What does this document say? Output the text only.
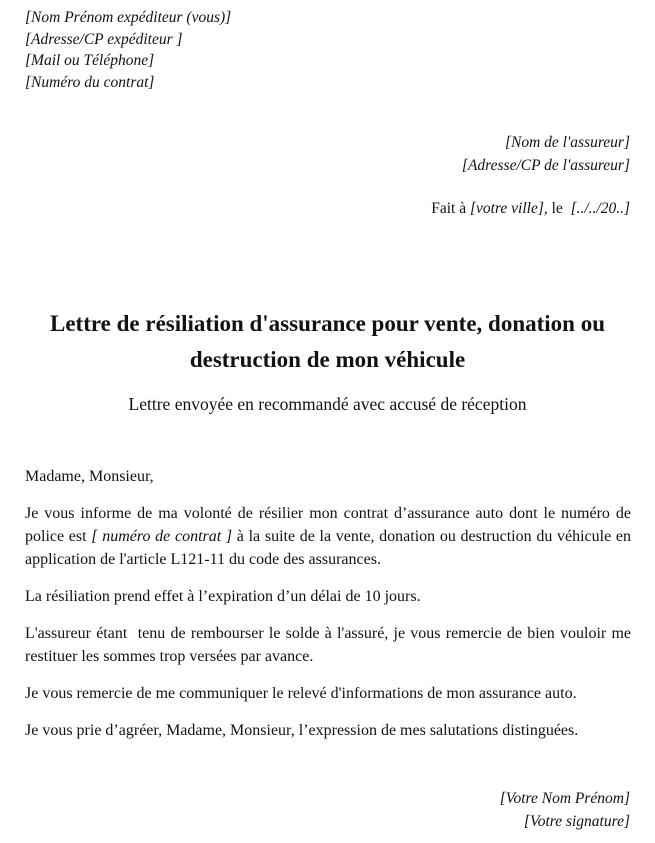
[Nom Prénom expéditeur (vous)]
[Adresse/CP expéditeur ]
[Mail ou Téléphone]
[Numéro du contrat]
[Nom de l'assureur]
[Adresse/CP de l'assureur]
Fait à [votre ville], le  [../../20..]
Lettre de résiliation d'assurance pour vente, donation ou destruction de mon véhicule
Lettre envoyée en recommandé avec accusé de réception

Madame, Monsieur,

Je vous informe de ma volonté de résilier mon contrat d’assurance auto dont le numéro de police est [ numéro de contrat ] à la suite de la vente, donation ou destruction du véhicule en application de l'article L121-11 du code des assurances.

La résiliation prend effet à l’expiration d’un délai de 10 jours.

L'assureur étant  tenu de rembourser le solde à l'assuré, je vous remercie de bien vouloir me restituer les sommes trop versées par avance.

Je vous remercie de me communiquer le relevé d'informations de mon assurance auto.

Je vous prie d’agréer, Madame, Monsieur, l’expression de mes salutations distinguées.

[Votre Nom Prénom]
[Votre signature]
